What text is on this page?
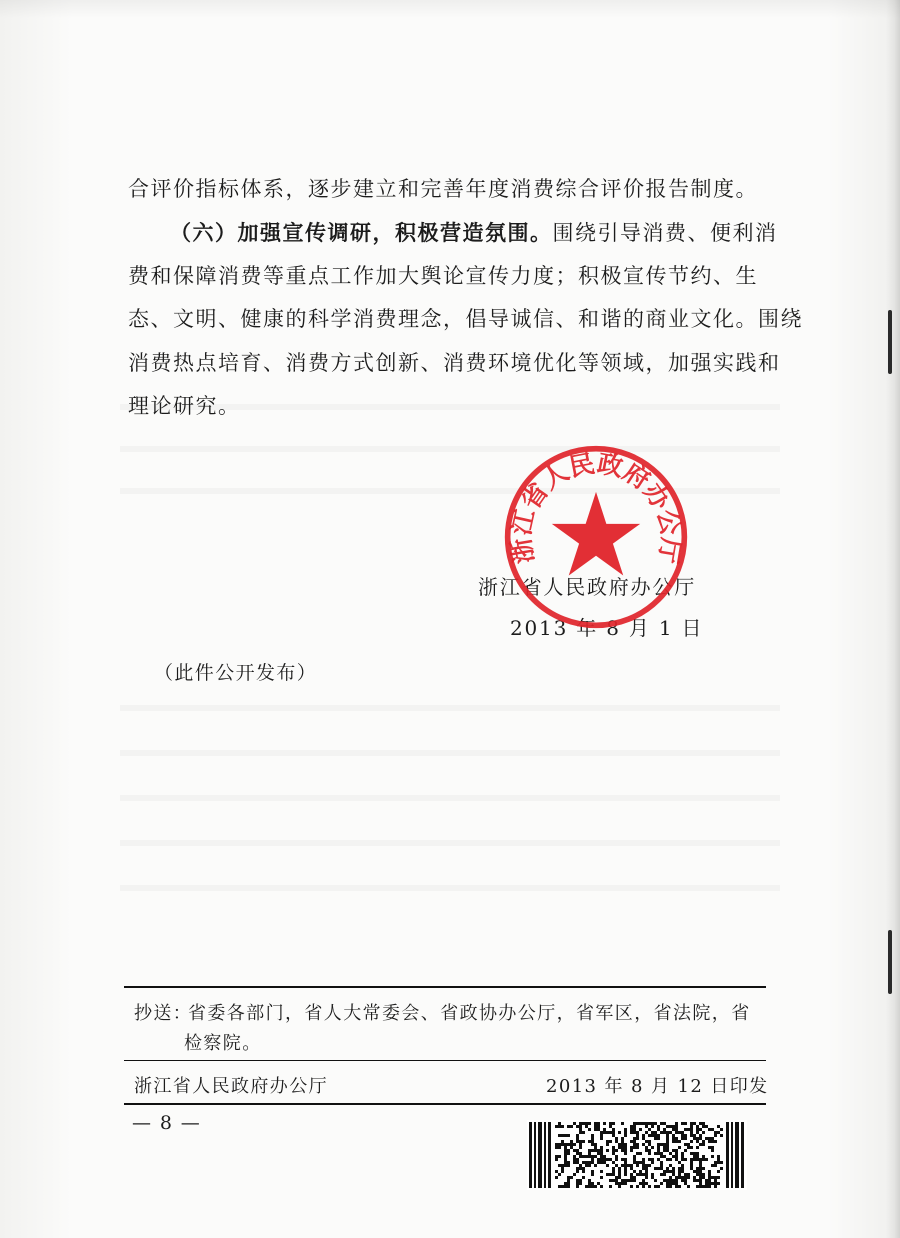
合评价指标体系，逐步建立和完善年度消费综合评价报告制度。
（六）加强宣传调研，积极营造氛围。围绕引导消费、便利消
费和保障消费等重点工作加大舆论宣传力度；积极宣传节约、生
态、文明、健康的科学消费理念，倡导诚信、和谐的商业文化。围绕
消费热点培育、消费方式创新、消费环境优化等领域，加强实践和
理论研究。
浙江省人民政府办公厅
2013 年 8 月 1 日
浙江省人民政府办公厅
（此件公开发布）
抄送：
省委各部门，省人大常委会、省政协办公厅，省军区，省法院，省
检察院。
浙江省人民政府办公厅	2013 年 8 月 12 日印发
— 8 —
